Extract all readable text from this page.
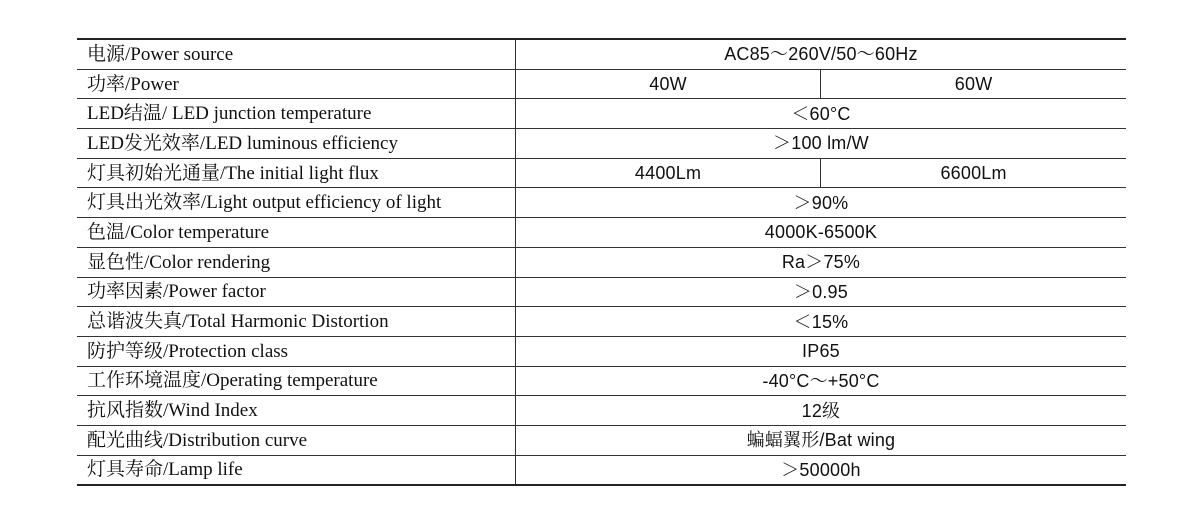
电源/Power source	AC85～260V/50～60Hz	
功率/Power	40W	60W
LED结温/ LED junction temperature	＜60°C	
LED发光效率/LED luminous efficiency	＞100 lm/W	
灯具初始光通量/The initial light flux	4400Lm	6600Lm
灯具出光效率/Light output efficiency of light	＞90%	
色温/Color temperature	4000K-6500K	
显色性/Color rendering	Ra＞75%	
功率因素/Power factor	＞0.95	
总谐波失真/Total Harmonic Distortion	＜15%	
防护等级/Protection class	IP65	
工作环境温度/Operating temperature	-40°C～+50°C	
抗风指数/Wind Index	12级	
配光曲线/Distribution curve	蝙蝠翼形/Bat wing	
灯具寿命/Lamp life	＞50000h	
